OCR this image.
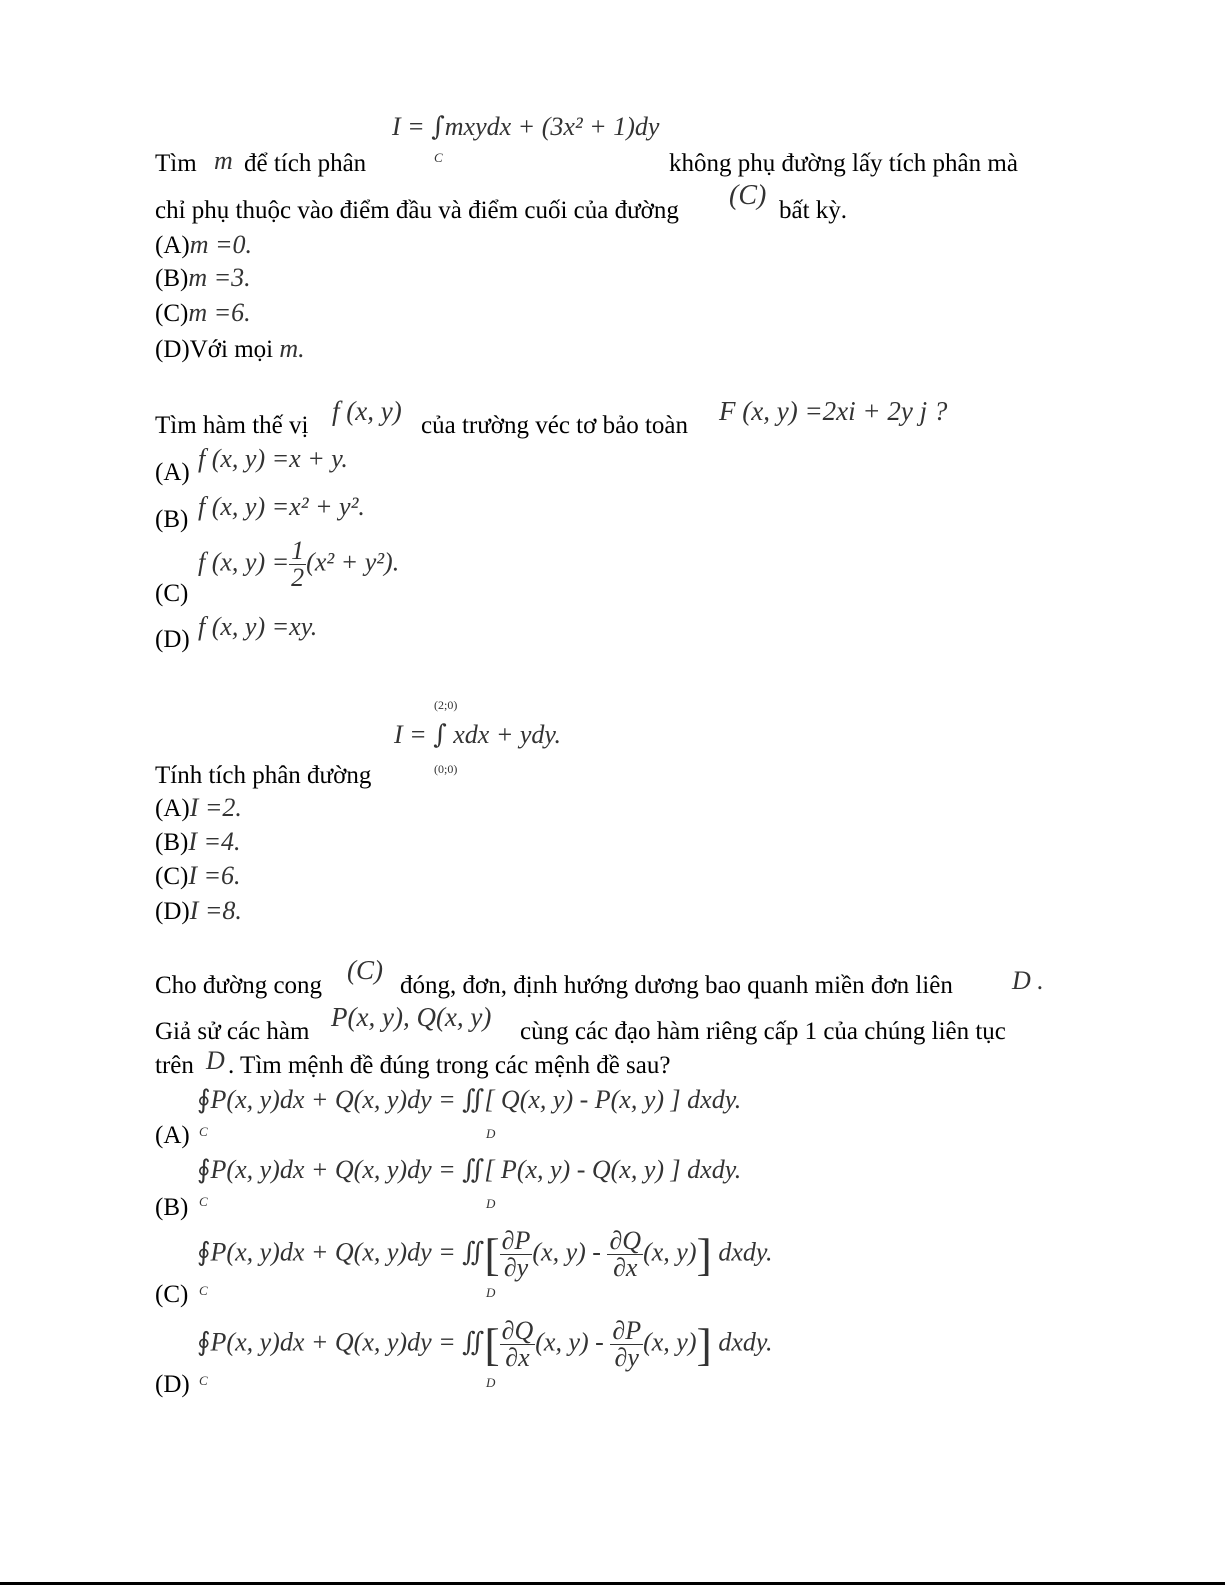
I = ∫mxydx + (3x² + 1)dy
C
Tìm m để tích phân	không phụ đường lấy tích phân mà
chỉ phụ thuộc vào điểm đầu và điểm cuối của đường (C) bất kỳ.
(A)m =0.
(B)m =3.
(C)m =6.
(D)Với mọi m.
Tìm hàm thế vị f (x, y) của trường véc tơ bảo toàn F (x, y) =2xi + 2y j ?
(A) f (x, y) =x + y.
(B) f (x, y) =x² + y².
(C)
f (x, $y) = \frac{1}{2} (x^2 + y^2)$.
(D) f (x, y) =xy.
(2;0)
I = ∫ xdx + ydy.
(0;0)
Tính tích phân đường
(A)I =2.
(B)I =4.
(C)I =6.
(D)I =8.
Cho đường cong
(C)
đóng, đơn, định hướng dương bao quanh miền đơn liên D .
Giả sử các hàm P(x, y), Q(x, y) cùng các đạo hàm riêng cấp 1 của chúng liên tục
trên D . Tìm mệnh đề đúng trong các mệnh đề sau?
(A)
∮P(x, y)dx + Q(x, y)dy = ∬[ Q(x, y) - P(x, y) ] dxdy.
C	D
(B)
∮P(x, y)dx + Q(x, y)dy = ∬[ P(x, y) - Q(x, y) ] dxdy.
C	D
(C)
∮P(x, y)dx + Q(x, y)dy = ∬[ $\frac{\partial P}{\partial y} (x$, $y) - \frac{\partial Q}{\partial x} (x$, y)] dxdy.
C	D
(D)
∮P(x, y)dx + Q(x, y)dy = ∬[ $\frac{\partial Q}{\partial x} (x$, $y) - \frac{\partial P}{\partial y} (x$, y)] dxdy.
C	D
